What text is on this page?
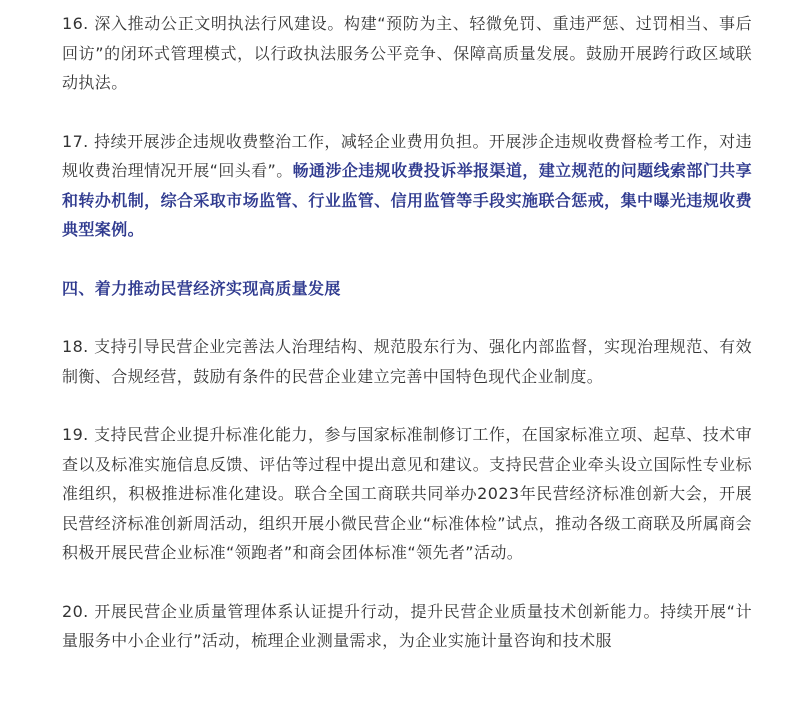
16. 深入推动公正文明执法行风建设。构建“预防为主、轻微免罚、重违严惩、过罚相当、事后回访”的闭环式管理模式，以行政执法服务公平竞争、保障高质量发展。鼓励开展跨行政区域联动执法。

17. 持续开展涉企违规收费整治工作，减轻企业费用负担。开展涉企违规收费督检考工作，对违规收费治理情况开展“回头看”。畅通涉企违规收费投诉举报渠道，建立规范的问题线索部门共享和转办机制，综合采取市场监管、行业监管、信用监管等手段实施联合惩戒，集中曝光违规收费典型案例。

四、着力推动民营经济实现高质量发展

18. 支持引导民营企业完善法人治理结构、规范股东行为、强化内部监督，实现治理规范、有效制衡、合规经营，鼓励有条件的民营企业建立完善中国特色现代企业制度。

19. 支持民营企业提升标准化能力，参与国家标准制修订工作，在国家标准立项、起草、技术审查以及标准实施信息反馈、评估等过程中提出意见和建议。支持民营企业牵头设立国际性专业标准组织，积极推进标准化建设。联合全国工商联共同举办2023年民营经济标准创新大会，开展民营经济标准创新周活动，组织开展小微民营企业“标准体检”试点，推动各级工商联及所属商会积极开展民营企业标准“领跑者”和商会团体标准“领先者”活动。

20. 开展民营企业质量管理体系认证提升行动，提升民营企业质量技术创新能力。持续开展“计量服务中小企业行”活动，梳理企业测量需求，为企业实施计量咨询和技术服
